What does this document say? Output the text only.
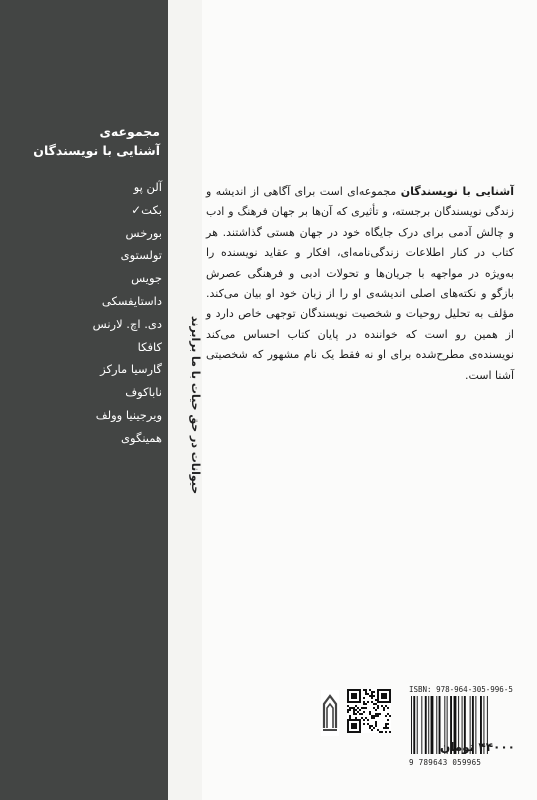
مجموعه‌ی
آشنایی با نویسندگان
آلن پو
بکت✓
بورخس
تولستوی
جویس
داستایفسکی
دی. اچ. لارنس
کافکا
گارسیا مارکز
ناباکوف
ویرجینیا وولف
همینگوی	حیوانات در حق حیات با ما برابرند
آشنایی با نویسندگان مجموعه‌ای است برای آگاهی از اندیشه و زندگی نویسندگان برجسته، و تأثیری که آن‌ها بر جهان فرهنگ و ادب و چالش آدمی برای درک جایگاه خود در جهان هستی گذاشتند. هر کتاب در کنار اطلاعات زندگی‌نامه‌ای، افکار و عقاید نویسنده را به‌ویژه در مواجهه با جریان‌ها و تحولات ادبی و فرهنگی عصرش بازگو و نکته‌های اصلی اندیشه‌ی او را از زبان خود او بیان می‌کند. مؤلف به تحلیل روحیات و شخصیت نویسندگان توجهی خاص دارد و از همین رو است که خواننده در پایان کتاب احساس می‌کند نویسنده‌ی مطرح‌شده برای او نه فقط یک نام مشهور که شخصیتی آشنا است.
ISBN: 978-964-305-996-5
9 789643 059965
۴۴۰۰۰ تومان
